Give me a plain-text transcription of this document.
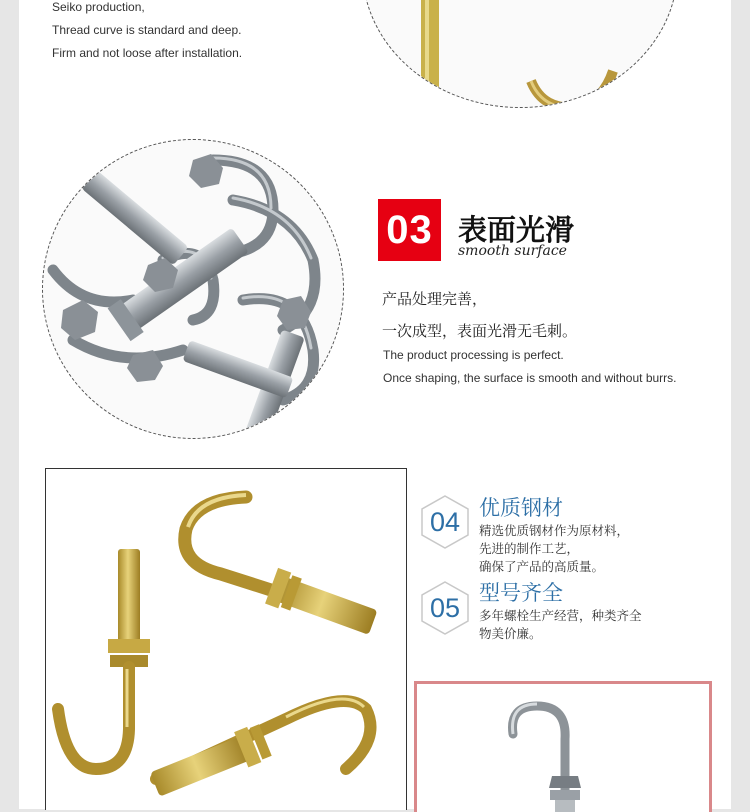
Seiko production,
Thread curve is standard and deep.
Firm and not loose after installation.
03 表面光滑
smooth surface
产品处理完善，
一次成型，表面光滑无毛刺。
The product processing is perfect.
Once shaping, the surface is smooth and without burrs.
04 优质钢材
精选优质钢材作为原材料，
先进的制作工艺，
确保了产品的高质量。
05 型号齐全
多年螺栓生产经营，种类齐全
物美价廉。
